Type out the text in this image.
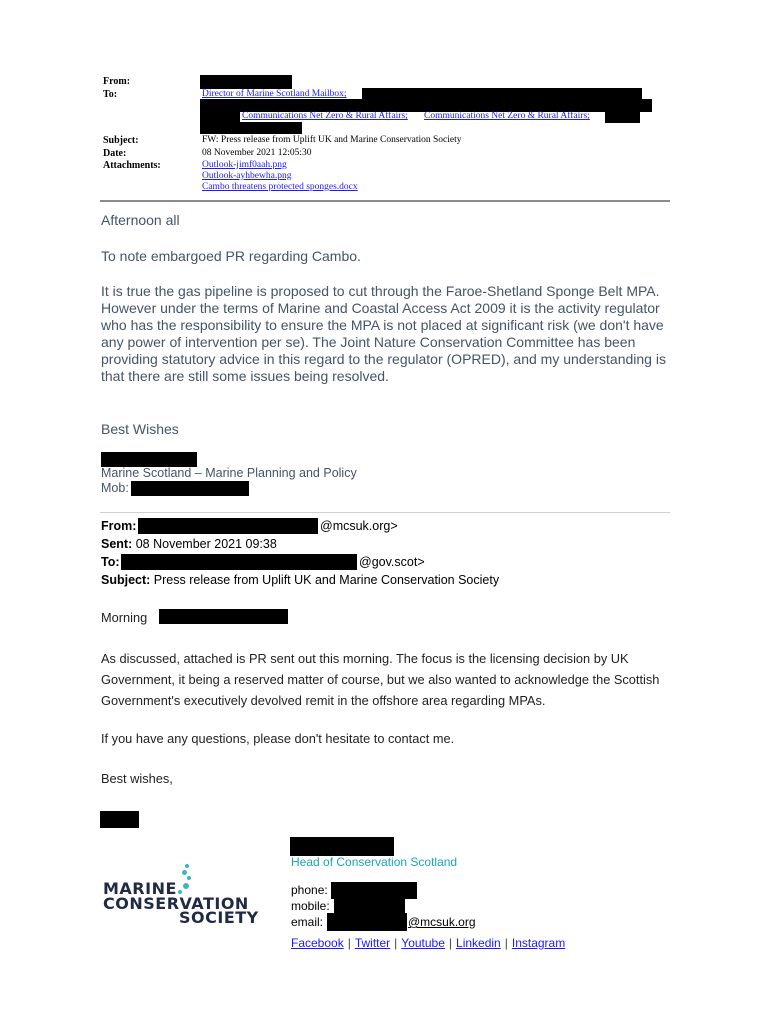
From:
To:	Director of Marine Scotland Mailbox;
Communications Net Zero & Rural Affairs; Communications Net Zero & Rural Affairs;
Subject:	FW: Press release from Uplift UK and Marine Conservation Society
Date:	08 November 2021 12:05:30
Attachments:	Outlook-jimf0aah.png
Outlook-ayhbewha.png
Cambo threatens protected sponges.docx
Afternoon all
To note embargoed PR regarding Cambo.
It is true the gas pipeline is proposed to cut through the Faroe-Shetland Sponge Belt MPA. However under the terms of Marine and Coastal Access Act 2009 it is the activity regulator who has the responsibility to ensure the MPA is not placed at significant risk (we don't have any power of intervention per se). The Joint Nature Conservation Committee has been providing statutory advice in this regard to the regulator (OPRED), and my understanding is that there are still some issues being resolved.
Best Wishes
Marine Scotland – Marine Planning and Policy
Mob:
From:	@mcsuk.org>
Sent: 08 November 2021 09:38
To:	@gov.scot>
Subject: Press release from Uplift UK and Marine Conservation Society
Morning
As discussed, attached is PR sent out this morning. The focus is the licensing decision by UK Government, it being a reserved matter of course, but we also wanted to acknowledge the Scottish Government's executively devolved remit in the offshore area regarding MPAs.
If you have any questions, please don't hesitate to contact me.
Best wishes,
Head of Conservation Scotland
MARINE
CONSERVATION
SOCIETY
phone:
mobile:
email:	@mcsuk.org
Facebook | Twitter | Youtube | Linkedin | Instagram
